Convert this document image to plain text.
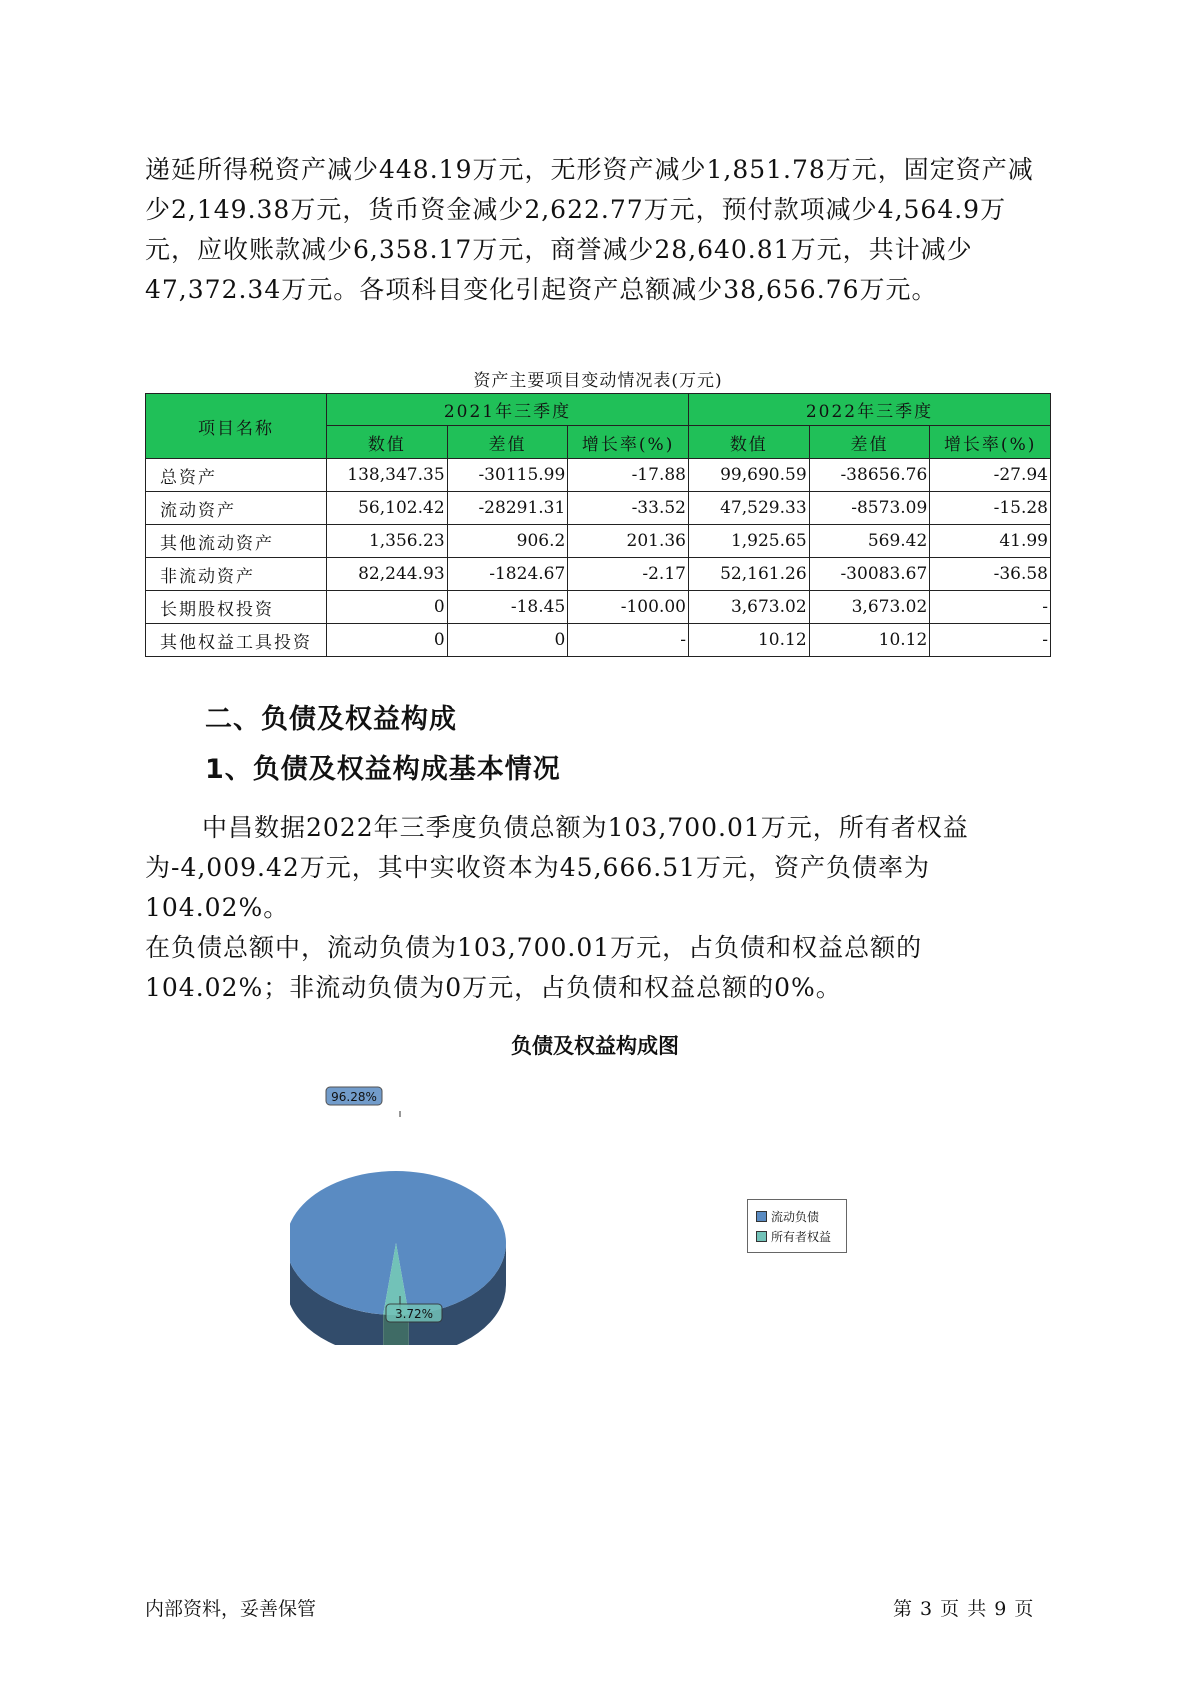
递延所得税资产减少448.19万元，无形资产减少1,851.78万元，固定资产减少2,149.38万元，货币资金减少2,622.77万元，预付款项减少4,564.9万元，应收账款减少6,358.17万元，商誉减少28,640.81万元，共计减少47,372.34万元。各项科目变化引起资产总额减少38,656.76万元。

资产主要项目变动情况表(万元)
项目名称	2021年三季度			2022年三季度		
	数值	差值	增长率(%)	数值	差值	增长率(%)
总资产	138,347.35	-30115.99	-17.88	99,690.59	-38656.76	-27.94
流动资产	56,102.42	-28291.31	-33.52	47,529.33	-8573.09	-15.28
其他流动资产	1,356.23	906.2	201.36	1,925.65	569.42	41.99
非流动资产	82,244.93	-1824.67	-2.17	52,161.26	-30083.67	-36.58
长期股权投资	0	-18.45	-100.00	3,673.02	3,673.02	-
其他权益工具投资	0	0	-	10.12	10.12	-
二、负债及权益构成
1、负债及权益构成基本情况

中昌数据2022年三季度负债总额为103,700.01万元，所有者权益为-4,009.42万元，其中实收资本为45,666.51万元，资产负债率为104.02%。

在负债总额中，流动负债为103,700.01万元，占负债和权益总额的104.02%；非流动负债为0万元，占负债和权益总额的0%。

负债及权益构成图
96.28%
3.72%
流动负债
所有者权益
内部资料，妥善保管	第 3 页 共 9 页
